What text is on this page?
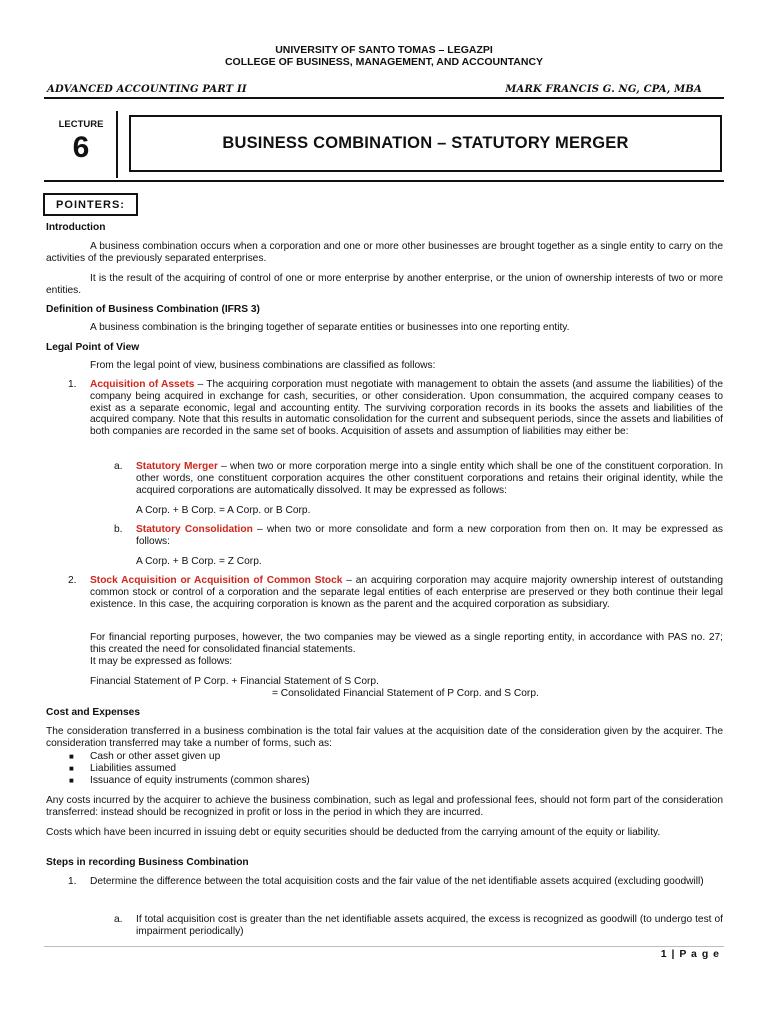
UNIVERSITY OF SANTO TOMAS – LEGAZPI
COLLEGE OF BUSINESS, MANAGEMENT, AND ACCOUNTANCY
ADVANCED ACCOUNTING PART II	MARK FRANCIS G. NG, CPA, MBA
LECTURE
6	BUSINESS COMBINATION – STATUTORY MERGER
POINTERS:
Introduction
A business combination occurs when a corporation and one or more other businesses are brought together as a single entity to carry on the activities of the previously separated enterprises.
It is the result of the acquiring of control of one or more enterprise by another enterprise, or the union of ownership interests of two or more entities.
Definition of Business Combination (IFRS 3)
A business combination is the bringing together of separate entities or businesses into one reporting entity.
Legal Point of View
From the legal point of view, business combinations are classified as follows:
1. Acquisition of Assets – The acquiring corporation must negotiate with management to obtain the assets (and assume the liabilities) of the company being acquired in exchange for cash, securities, or other consideration. Upon consummation, the acquired company ceases to exist as a separate economic, legal and accounting entity. The surviving corporation records in its books the assets and liabilities of the acquired company. Note that this results in automatic consolidation for the current and subsequent periods, since the assets and liabilities of both companies are recorded in the same set of books. Acquisition of assets and assumption of liabilities may either be:
a. Statutory Merger – when two or more corporation merge into a single entity which shall be one of the constituent corporation. In other words, one constituent corporation acquires the other constituent corporations and retains their original identity, while the acquired corporations are automatically dissolved. It may be expressed as follows:
A Corp. + B Corp. = A Corp. or B Corp.
b. Statutory Consolidation – when two or more consolidate and form a new corporation from then on. It may be expressed as follows:
A Corp. + B Corp. = Z Corp.
2. Stock Acquisition or Acquisition of Common Stock – an acquiring corporation may acquire majority ownership interest of outstanding common stock or control of a corporation and the separate legal entities of each enterprise are preserved or they both continue their legal existence. In this case, the acquiring corporation is known as the parent and the acquired corporation as subsidiary.
For financial reporting purposes, however, the two companies may be viewed as a single reporting entity, in accordance with PAS no. 27; this created the need for consolidated financial statements.
It may be expressed as follows:
Financial Statement of P Corp. + Financial Statement of S Corp.
= Consolidated Financial Statement of P Corp. and S Corp.
Cost and Expenses
The consideration transferred in a business combination is the total fair values at the acquisition date of the consideration given by the acquirer. The consideration transferred may take a number of forms, such as:
■ Cash or other asset given up
■ Liabilities assumed
■ Issuance of equity instruments (common shares)
Any costs incurred by the acquirer to achieve the business combination, such as legal and professional fees, should not form part of the consideration transferred: instead should be recognized in profit or loss in the period in which they are incurred.
Costs which have been incurred in issuing debt or equity securities should be deducted from the carrying amount of the equity or liability.
Steps in recording Business Combination
1. Determine the difference between the total acquisition costs and the fair value of the net identifiable assets acquired (excluding goodwill)
a. If total acquisition cost is greater than the net identifiable assets acquired, the excess is recognized as goodwill (to undergo test of impairment periodically)
1 | P a g e
